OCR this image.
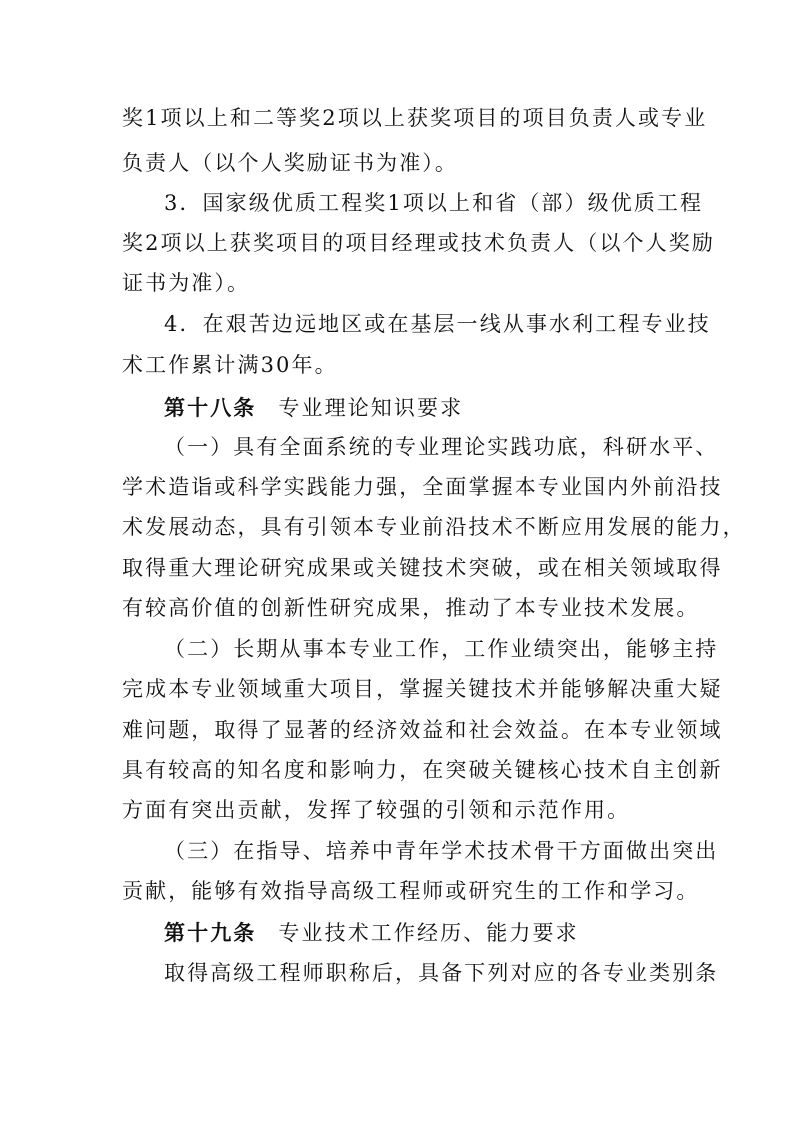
奖1项以上和二等奖2项以上获奖项目的项目负责人或专业
负责人（以个人奖励证书为准）。
3．国家级优质工程奖1项以上和省（部）级优质工程
奖2项以上获奖项目的项目经理或技术负责人（以个人奖励
证书为准）。
4．在艰苦边远地区或在基层一线从事水利工程专业技
术工作累计满30年。
第十八条 专业理论知识要求
（一）具有全面系统的专业理论实践功底，科研水平、
学术造诣或科学实践能力强，全面掌握本专业国内外前沿技
术发展动态，具有引领本专业前沿技术不断应用发展的能力，
取得重大理论研究成果或关键技术突破，或在相关领域取得
有较高价值的创新性研究成果，推动了本专业技术发展。
（二）长期从事本专业工作，工作业绩突出，能够主持
完成本专业领域重大项目，掌握关键技术并能够解决重大疑
难问题，取得了显著的经济效益和社会效益。在本专业领域
具有较高的知名度和影响力，在突破关键核心技术自主创新
方面有突出贡献，发挥了较强的引领和示范作用。
（三）在指导、培养中青年学术技术骨干方面做出突出
贡献，能够有效指导高级工程师或研究生的工作和学习。
第十九条 专业技术工作经历、能力要求
取得高级工程师职称后，具备下列对应的各专业类别条
